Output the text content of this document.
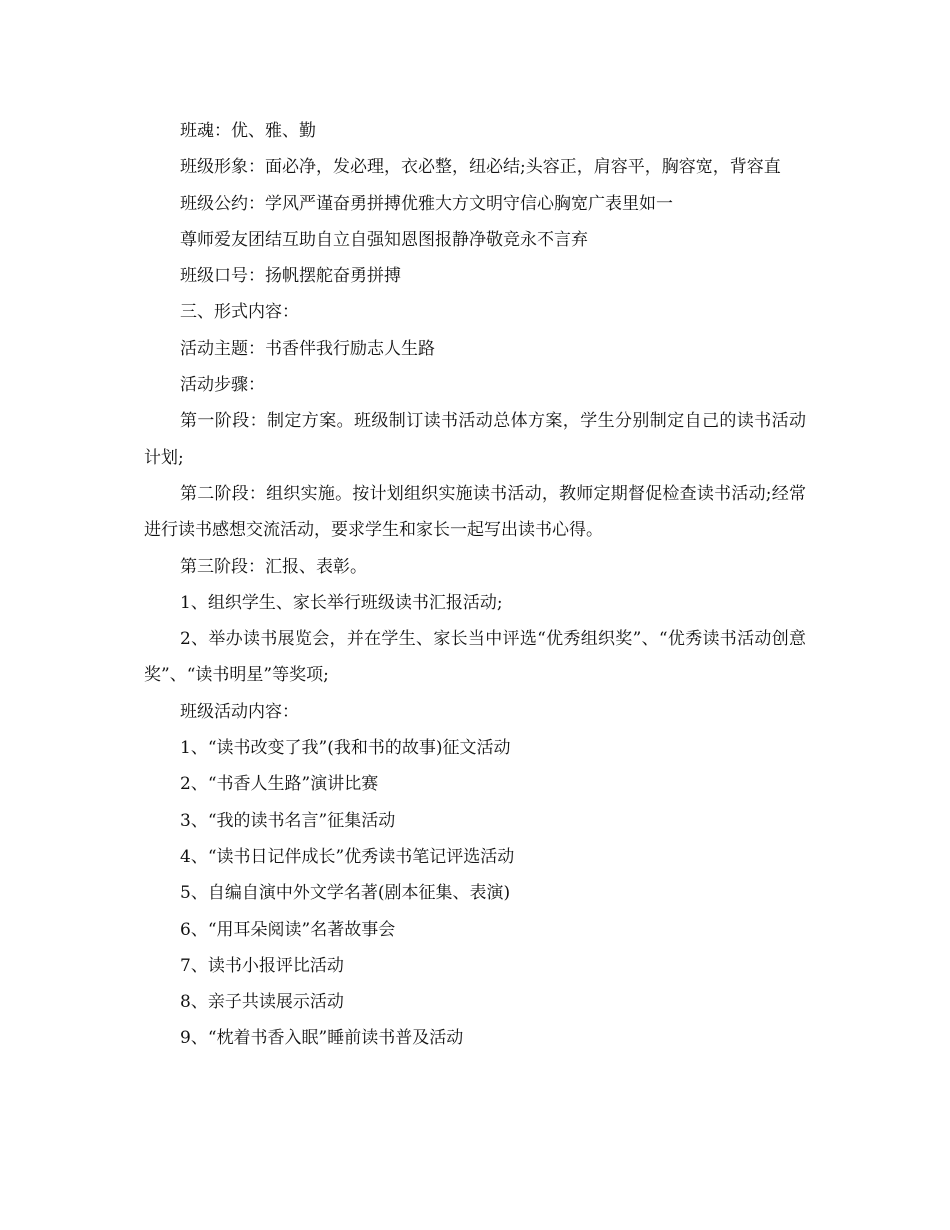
班魂：优、雅、勤

班级形象：面必净，发必理，衣必整，纽必结;头容正，肩容平，胸容宽，背容直

班级公约：学风严谨奋勇拼搏优雅大方文明守信心胸宽广表里如一

尊师爱友团结互助自立自强知恩图报静净敬竞永不言弃

班级口号：扬帆摆舵奋勇拼搏

三、形式内容：

活动主题：书香伴我行励志人生路

活动步骤：

第一阶段：制定方案。班级制订读书活动总体方案，学生分别制定自己的读书活动计划;

第二阶段：组织实施。按计划组织实施读书活动，教师定期督促检查读书活动;经常进行读书感想交流活动，要求学生和家长一起写出读书心得。

第三阶段：汇报、表彰。

1、组织学生、家长举行班级读书汇报活动;

2、举办读书展览会，并在学生、家长当中评选“优秀组织奖”、“优秀读书活动创意奖”、“读书明星”等奖项;

班级活动内容：

1、“读书改变了我”(我和书的故事)征文活动

2、“书香人生路”演讲比赛

3、“我的读书名言”征集活动

4、“读书日记伴成长”优秀读书笔记评选活动

5、自编自演中外文学名著(剧本征集、表演)

6、“用耳朵阅读”名著故事会

7、读书小报评比活动

8、亲子共读展示活动

9、“枕着书香入眠”睡前读书普及活动
